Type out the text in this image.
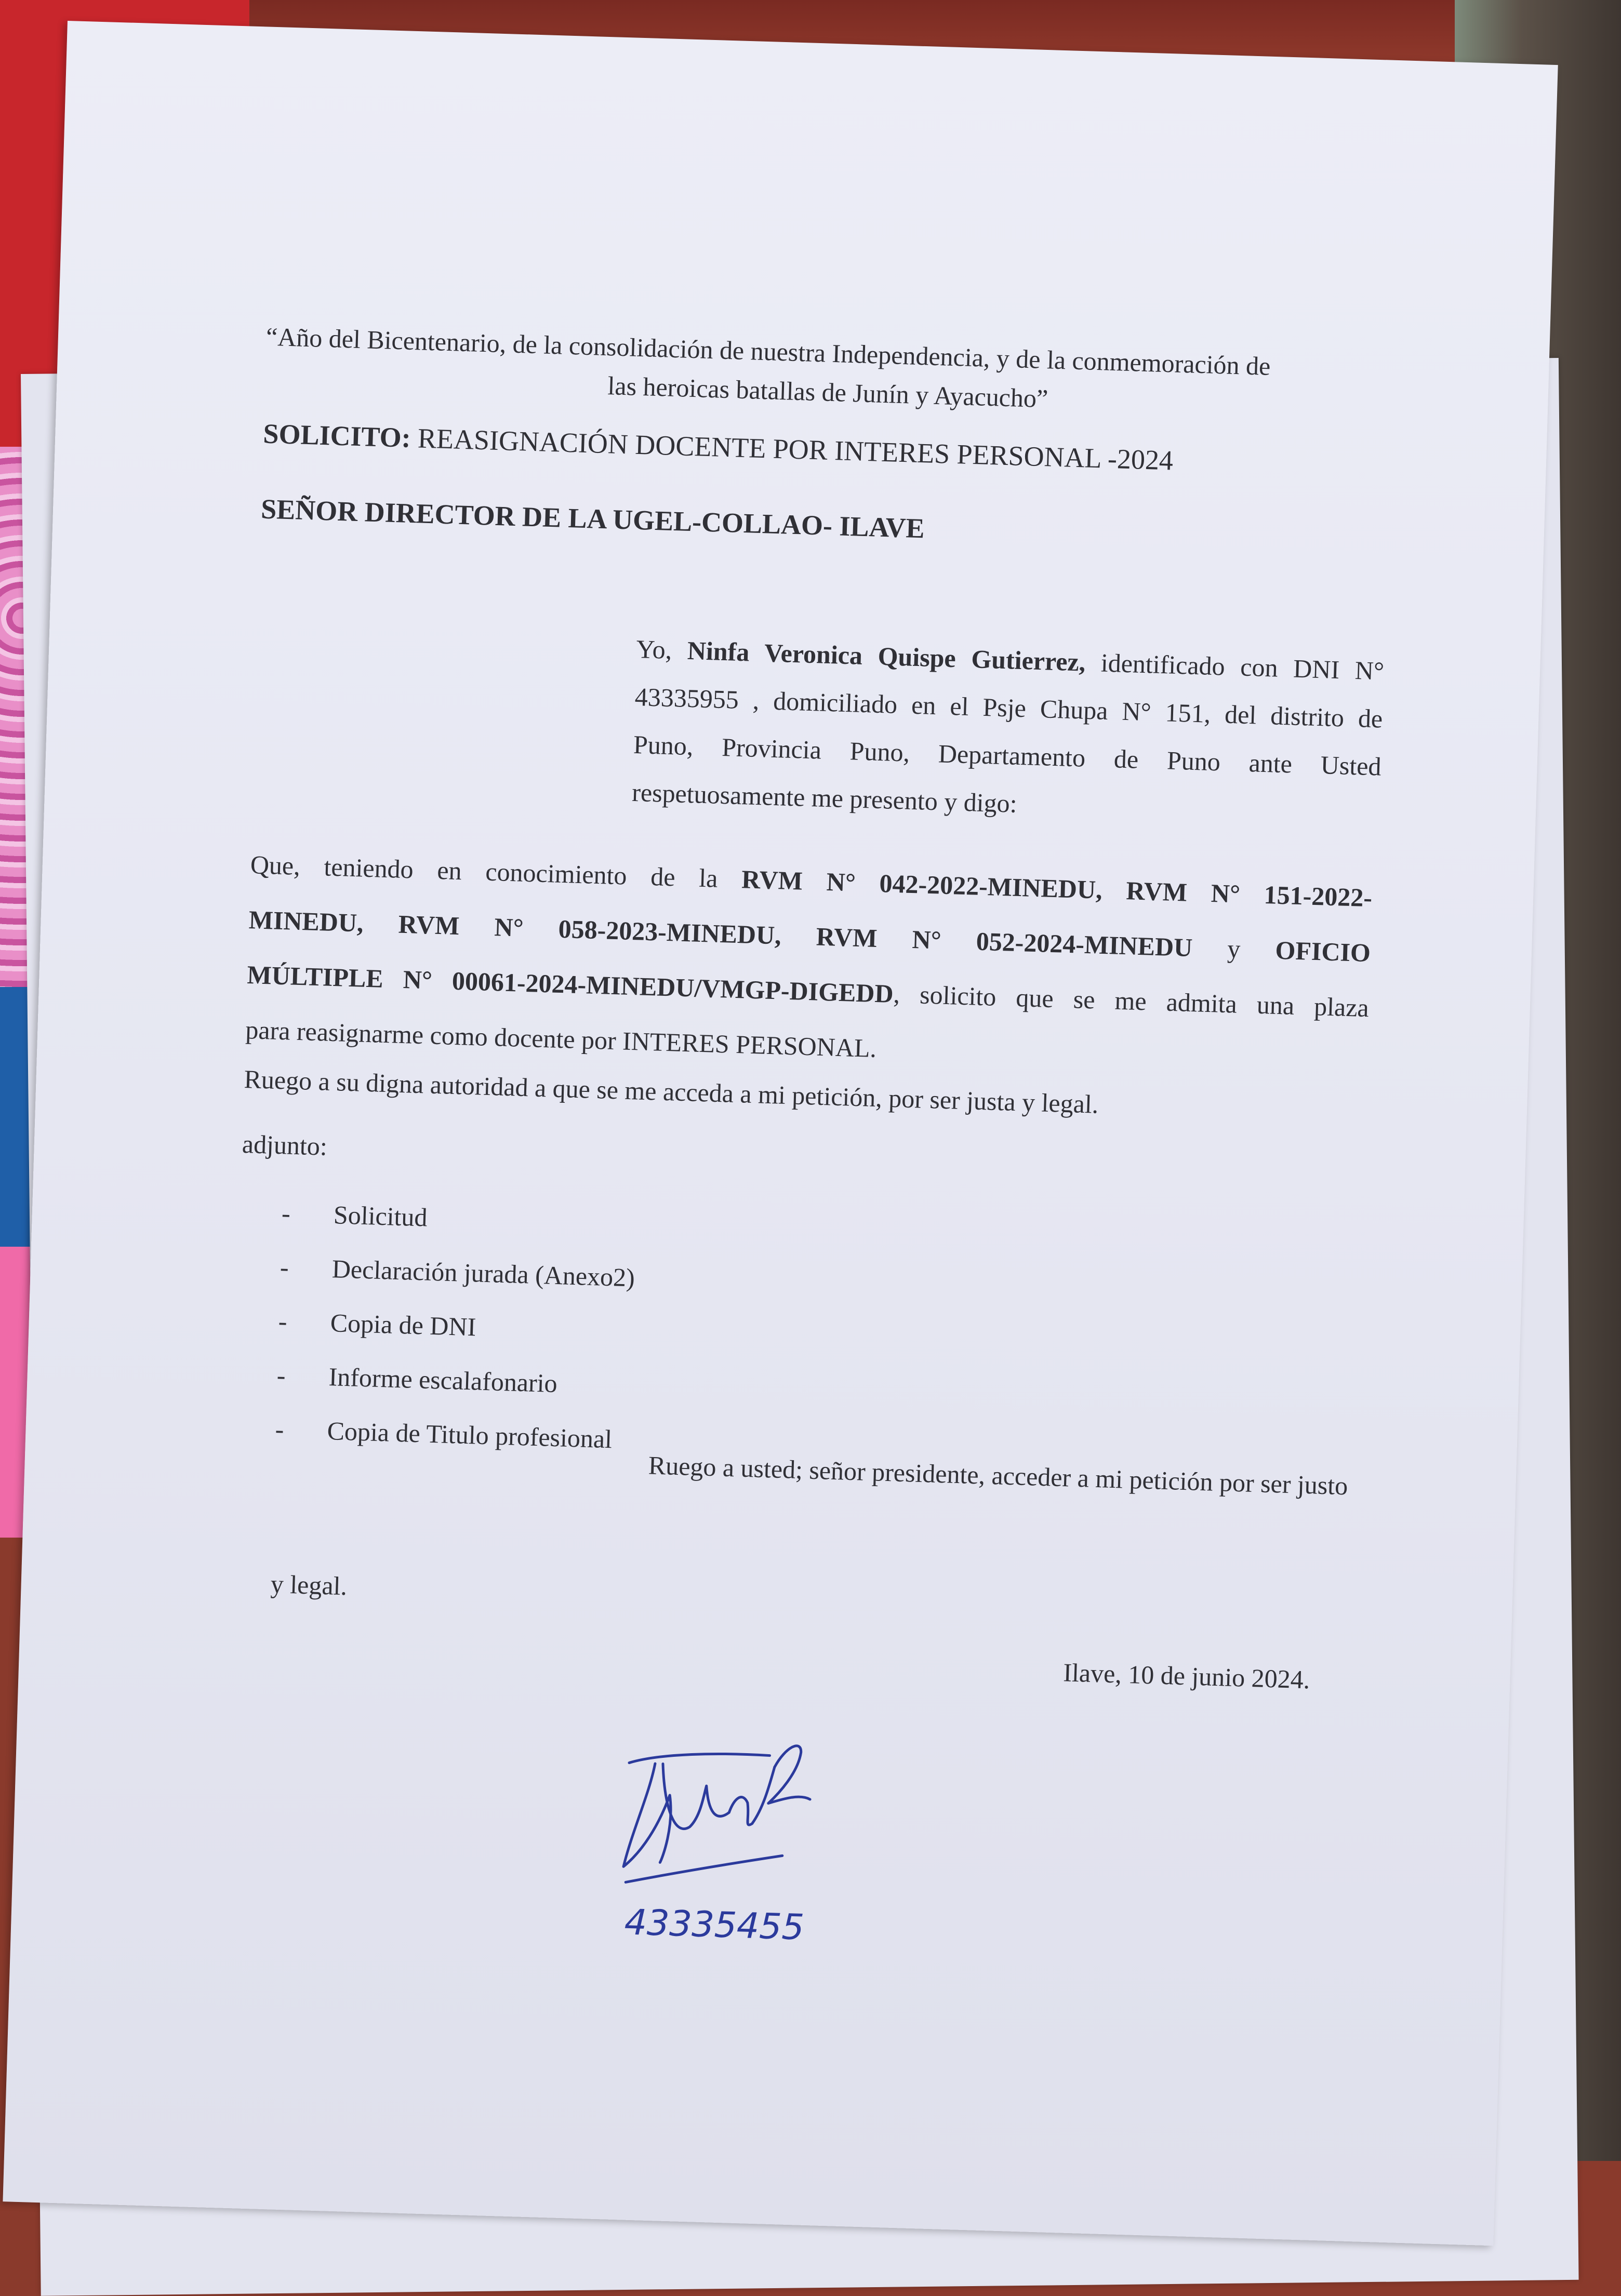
“Año del Bicentenario, de la consolidación de nuestra Independencia, y de la conmemoración de
las heroicas batallas de Junín y Ayacucho”
SOLICITO: REASIGNACIÓN DOCENTE POR INTERES PERSONAL -2024
SEÑOR DIRECTOR DE LA UGEL-COLLAO- ILAVE
Yo, Ninfa Veronica Quispe Gutierrez, identificado con DNI N°
43335955 , domiciliado en el Psje Chupa N° 151, del distrito de
Puno, Provincia Puno, Departamento de Puno ante Usted
respetuosamente me presento y digo:
Que, teniendo en conocimiento de la RVM N° 042-2022-MINEDU, RVM N° 151-2022-
MINEDU, RVM N° 058-2023-MINEDU, RVM N° 052-2024-MINEDU y OFICIO
MÚLTIPLE N° 00061-2024-MINEDU/VMGP-DIGEDD, solicito que se me admita una plaza
para reasignarme como docente por INTERES PERSONAL.
Ruego a su digna autoridad a que se me acceda a mi petición, por ser justa y legal.
adjunto:
- Solicitud
- Declaración jurada (Anexo2)
- Copia de DNI
- Informe escalafonario
- Copia de Titulo profesional
Ruego a usted; señor presidente, acceder a mi petición por ser justo
y legal.
Ilave, 10 de junio 2024.
43335455
